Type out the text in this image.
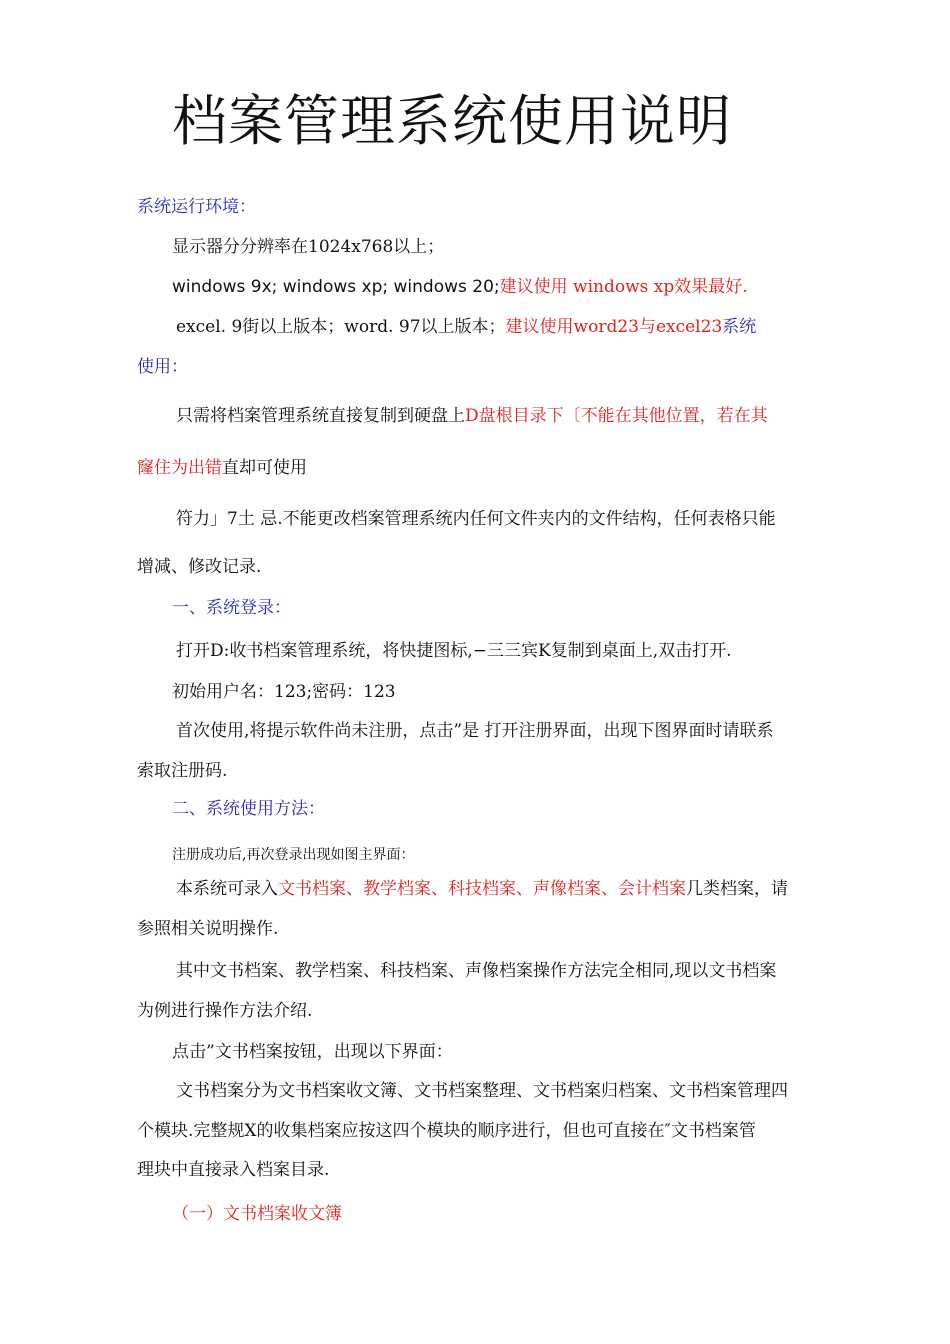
档案管理系统使用说明
系统运行环境：
显示器分分辨率在1024x768以上；
windows 9x; windows xp; windows 20;建议使用 windows xp效果最好.
excel. 9街以上版本；word. 97以上版本；建议使用word23与excel23系统
使用：
只需将档案管理系统直接复制到硬盘上D盘根目录下〔不能在其他位置，若在其
窿住为出错直却可使用
符力」7土 忌.不能更改档案管理系统内任何文件夹内的文件结构，任何表格只能
增减、修改记录.
一、系统登录：
打开D:收书档案管理系统，将快捷图标,−三三宾K复制到桌面上,双击打开.
初始用户名：123;密码：123
首次使用,将提示软件尚未注册，点击”是 打开注册界面，出现下图界面时请联系
索取注册码.
二、系统使用方法：
注册成功后,再次登录出现如图主界面：
本系统可录入文书档案、教学档案、科技档案、声像档案、会计档案几类档案，请
参照相关说明操作.
其中文书档案、教学档案、科技档案、声像档案操作方法完全相同,现以文书档案
为例进行操作方法介绍.
点击”文书档案按钮，出现以下界面：
文书档案分为文书档案收文簿、文书档案整理、文书档案归档案、文书档案管理四
个模块.完整规X的收集档案应按这四个模块的顺序进行，但也可直接在″文书档案管
理块中直接录入档案目录.
（一）文书档案收文簿
